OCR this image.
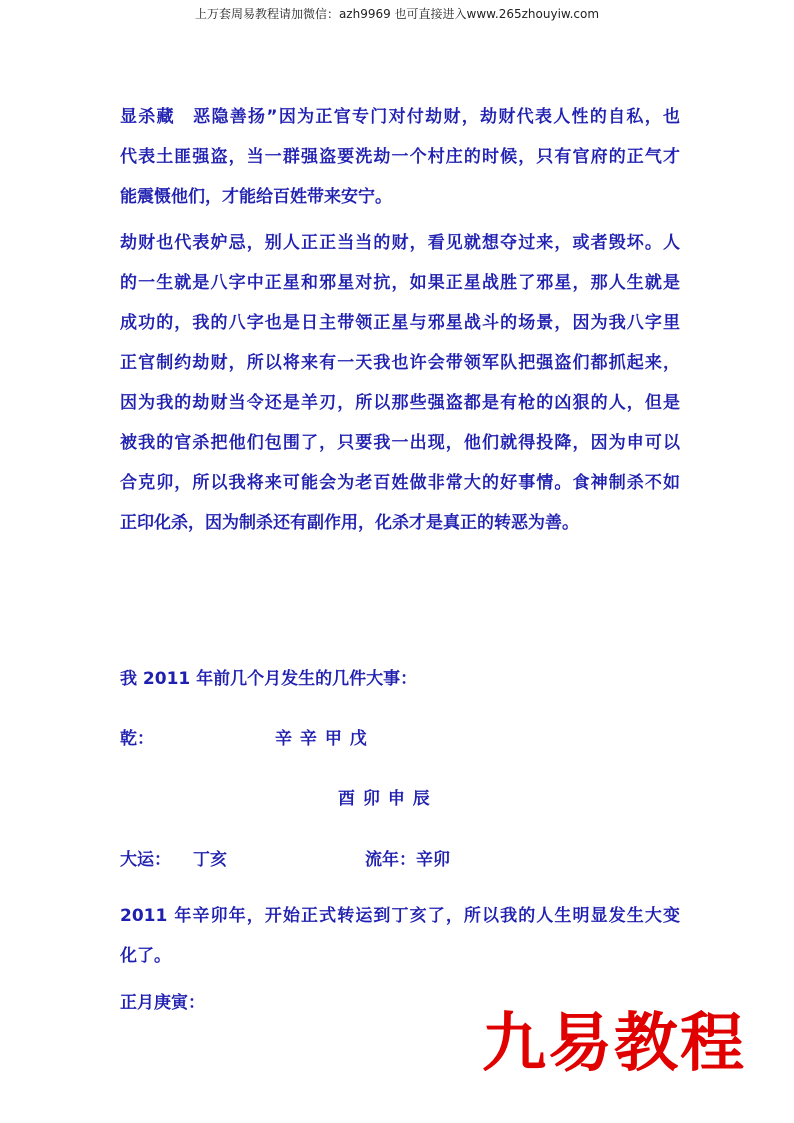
上万套周易教程请加微信：azh9969 也可直接进入www.265zhouyiw.com
显杀藏　恶隐善扬”因为正官专门对付劫财，劫财代表人性的自私，也
代表土匪强盗，当一群强盗要洗劫一个村庄的时候，只有官府的正气才
能震慑他们，才能给百姓带来安宁。
劫财也代表妒忌，别人正正当当的财，看见就想夺过来，或者毁坏。人
的一生就是八字中正星和邪星对抗，如果正星战胜了邪星，那人生就是
成功的，我的八字也是日主带领正星与邪星战斗的场景，因为我八字里
正官制约劫财，所以将来有一天我也许会带领军队把强盗们都抓起来，
因为我的劫财当令还是羊刃，所以那些强盗都是有枪的凶狠的人，但是
被我的官杀把他们包围了，只要我一出现，他们就得投降，因为申可以
合克卯，所以我将来可能会为老百姓做非常大的好事情。食神制杀不如
正印化杀，因为制杀还有副作用，化杀才是真正的转恶为善。
我 2011 年前几个月发生的几件大事：
乾：	辛 辛 甲 戊
酉 卯 申 辰
大运： 丁亥	流年：辛卯
2011 年辛卯年，开始正式转运到丁亥了，所以我的人生明显发生大变
化了。
正月庚寅：
九易教程
